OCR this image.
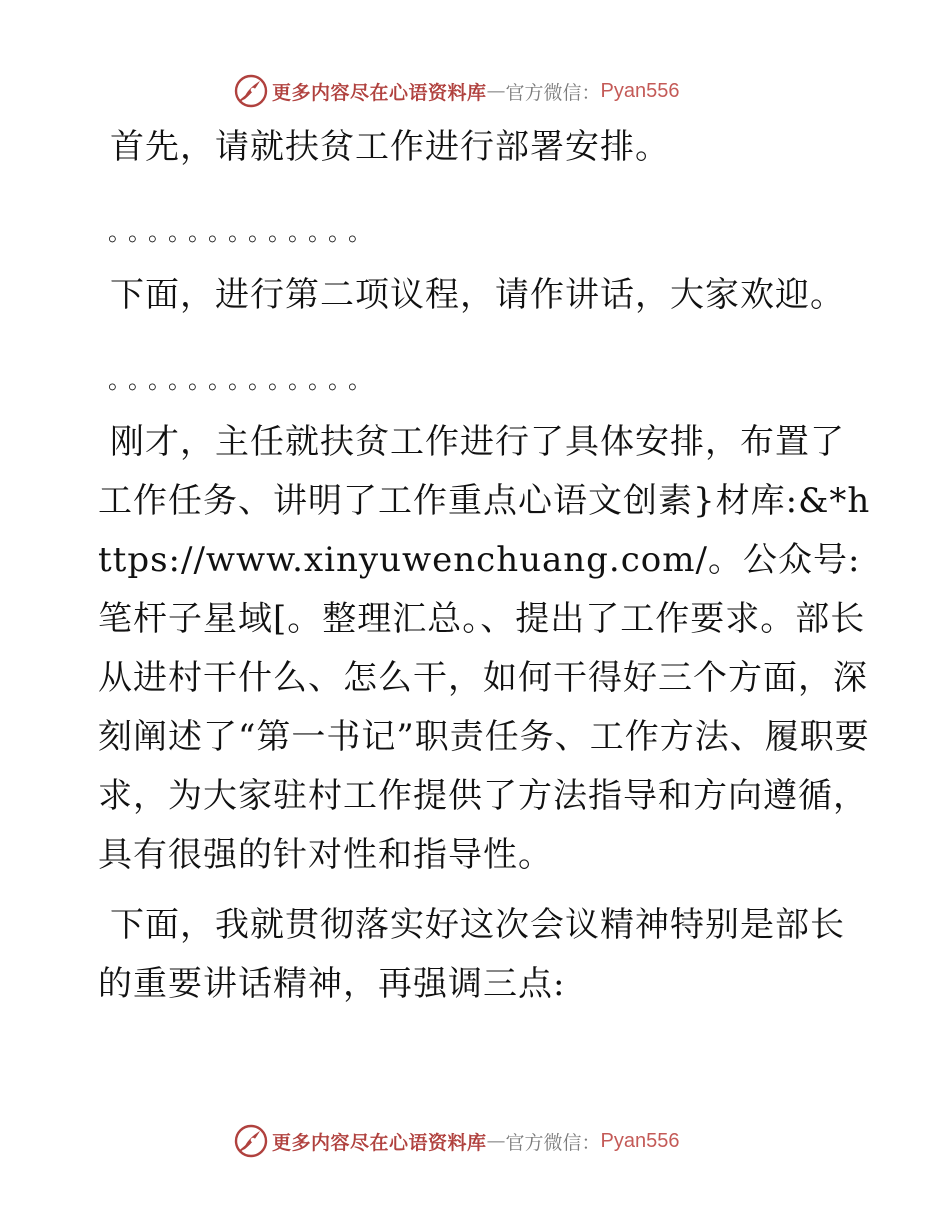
更多内容尽在心语资料库 — 官方微信： Pyan556

首先，请就扶贫工作进行部署安排。

。。。。。。。。。。。。。

下面，进行第二项议程，请作讲话，大家欢迎。

。。。。。。。。。。。。。

刚才，主任就扶贫工作进行了具体安排，布置了工作任务、讲明了工作重点心语文创素}材库:&*https://www.xinyuwenchuang.com/。公众号:笔杆子星域[。整理汇总。、提出了工作要求。部长从进村干什么、怎么干，如何干得好三个方面，深刻阐述了“第一书记”职责任务、工作方法、履职要求，为大家驻村工作提供了方法指导和方向遵循，具有很强的针对性和指导性。

下面，我就贯彻落实好这次会议精神特别是部长的重要讲话精神，再强调三点:

更多内容尽在心语资料库 — 官方微信： Pyan556
